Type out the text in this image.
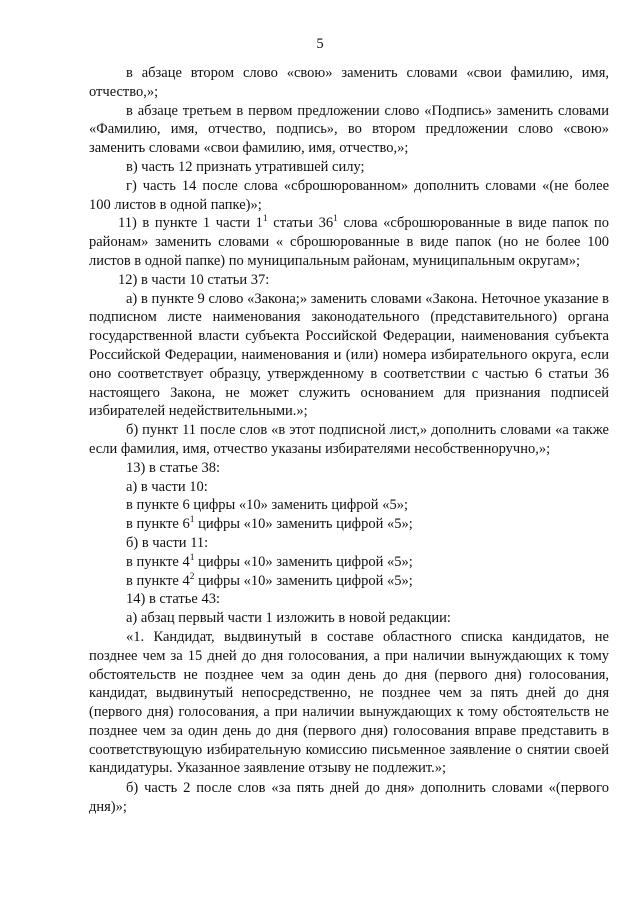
5

в абзаце втором слово «свою» заменить словами «свои фамилию, имя, отчество,»;

в абзаце третьем в первом предложении слово «Подпись» заменить словами «Фамилию, имя, отчество, подпись», во втором предложении слово «свою» заменить словами «свои фамилию, имя, отчество,»;

в) часть 12 признать утратившей силу;

г) часть 14 после слова «сброшюрованном» дополнить словами «(не более 100 листов в одной папке)»;

11) в пункте 1 части $1^1$ статьи $36^1$ слова «сброшюрованные в виде папок по районам» заменить словами « сброшюрованные в виде папок (но не более 100 листов в одной папке) по муниципальным районам, муниципальным округам»;

12) в части 10 статьи 37:

а) в пункте 9 слово «Закона;» заменить словами «Закона. Неточное указание в подписном листе наименования законодательного (представительного) органа государственной власти субъекта Российской Федерации, наименования субъекта Российской Федерации, наименования и (или) номера избирательного округа, если оно соответствует образцу, утвержденному в соответствии с частью 6 статьи 36 настоящего Закона, не может служить основанием для признания подписей избирателей недействительными.»;

б) пункт 11 после слов «в этот подписной лист,» дополнить словами «а также если фамилия, имя, отчество указаны избирателями несобственноручно,»;

13) в статье 38:

а) в части 10:

в пункте 6 цифры «10» заменить цифрой «5»;

в пункте $6^1$ цифры «10» заменить цифрой «5»;

б) в части 11:

в пункте $4^1$ цифры «10» заменить цифрой «5»;

в пункте $4^2$ цифры «10» заменить цифрой «5»;

14) в статье 43:

а) абзац первый части 1 изложить в новой редакции:

«1. Кандидат, выдвинутый в составе областного списка кандидатов, не позднее чем за 15 дней до дня голосования, а при наличии вынуждающих к тому обстоятельств не позднее чем за один день до дня (первого дня) голосования, кандидат, выдвинутый непосредственно, не позднее чем за пять дней до дня (первого дня) голосования, а при наличии вынуждающих к тому обстоятельств не позднее чем за один день до дня (первого дня) голосования вправе представить в соответствующую избирательную комиссию письменное заявление о снятии своей кандидатуры. Указанное заявление отзыву не подлежит.»;

б) часть 2 после слов «за пять дней до дня» дополнить словами «(первого дня)»;
